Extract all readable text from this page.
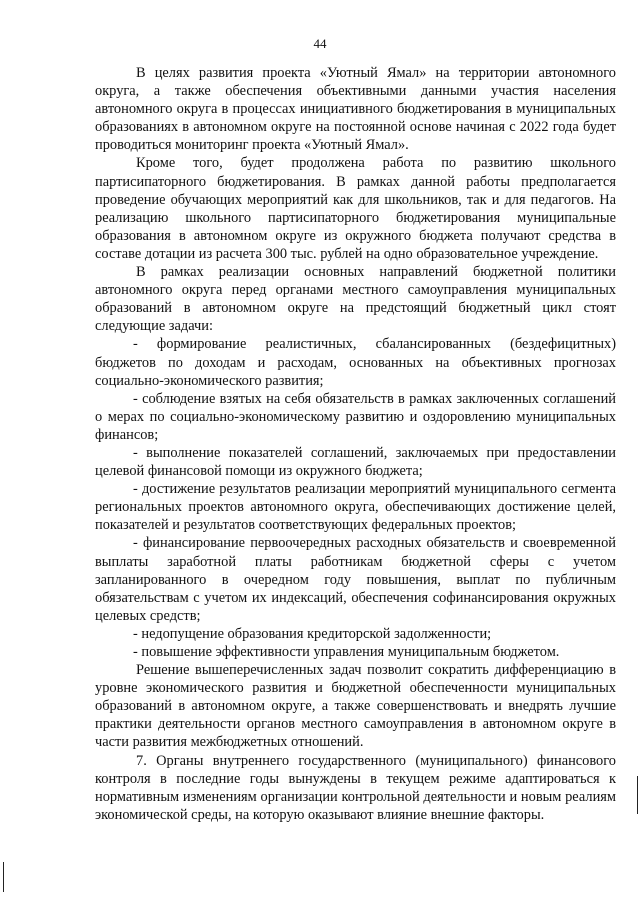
44

В целях развития проекта «Уютный Ямал» на территории автономного округа, а также обеспечения объективными данными участия населения автономного округа в процессах инициативного бюджетирования в муниципальных образованиях в автономном округе на постоянной основе начиная с 2022 года будет проводиться мониторинг проекта «Уютный Ямал».

Кроме того, будет продолжена работа по развитию школьного партисипаторного бюджетирования. В рамках данной работы предполагается проведение обучающих мероприятий как для школьников, так и для педагогов. На реализацию школьного партисипаторного бюджетирования муниципальные образования в автономном округе из окружного бюджета получают средства в составе дотации из расчета 300 тыс. рублей на одно образовательное учреждение.

В рамках реализации основных направлений бюджетной политики автономного округа перед органами местного самоуправления муниципальных образований в автономном округе на предстоящий бюджетный цикл стоят следующие задачи:

- формирование реалистичных, сбалансированных (бездефицитных) бюджетов по доходам и расходам, основанных на объективных прогнозах социально-экономического развития;

- соблюдение взятых на себя обязательств в рамках заключенных соглашений о мерах по социально-экономическому развитию и оздоровлению муниципальных финансов;

- выполнение показателей соглашений, заключаемых при предоставлении целевой финансовой помощи из окружного бюджета;

- достижение результатов реализации мероприятий муниципального сегмента региональных проектов автономного округа, обеспечивающих достижение целей, показателей и результатов соответствующих федеральных проектов;

- финансирование первоочередных расходных обязательств и своевременной выплаты заработной платы работникам бюджетной сферы с учетом запланированного в очередном году повышения, выплат по публичным обязательствам с учетом их индексаций, обеспечения софинансирования окружных целевых средств;

- недопущение образования кредиторской задолженности;

- повышение эффективности управления муниципальным бюджетом.

Решение вышеперечисленных задач позволит сократить дифференциацию в уровне экономического развития и бюджетной обеспеченности муниципальных образований в автономном округе, а также совершенствовать и внедрять лучшие практики деятельности органов местного самоуправления в автономном округе в части развития межбюджетных отношений.

7. Органы внутреннего государственного (муниципального) финансового контроля в последние годы вынуждены в текущем режиме адаптироваться к нормативным изменениям организации контрольной деятельности и новым реалиям экономической среды, на которую оказывают влияние внешние факторы.
